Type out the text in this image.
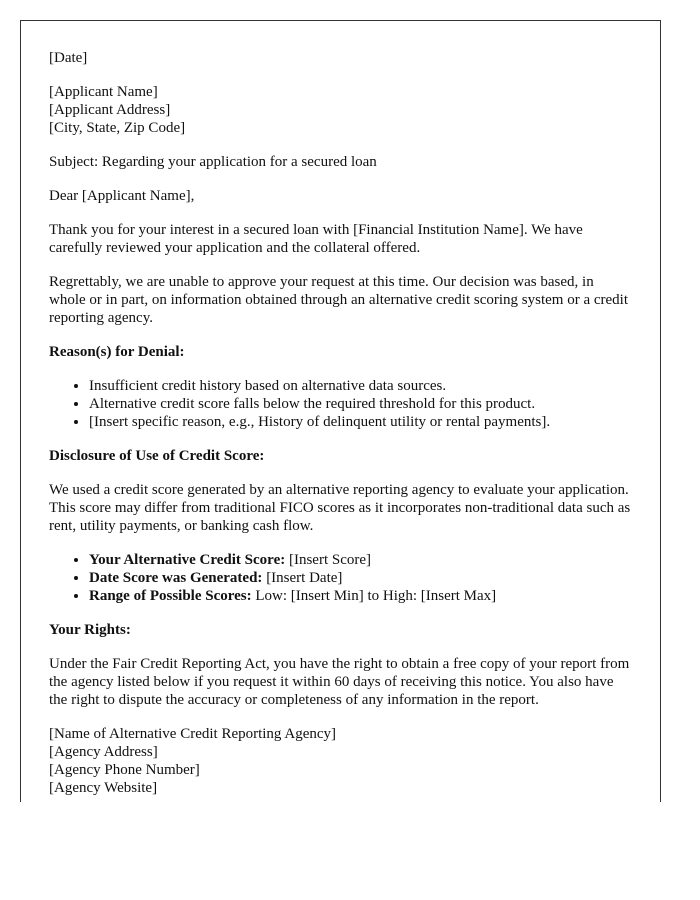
[Date]

[Applicant Name]
[Applicant Address]
[City, State, Zip Code]

Subject: Regarding your application for a secured loan

Dear [Applicant Name],

Thank you for your interest in a secured loan with [Financial Institution Name]. We have carefully reviewed your application and the collateral offered.

Regrettably, we are unable to approve your request at this time. Our decision was based, in whole or in part, on information obtained through an alternative credit scoring system or a credit reporting agency.

Reason(s) for Denial:

• Insufficient credit history based on alternative data sources.
• Alternative credit score falls below the required threshold for this product.
• [Insert specific reason, e.g., History of delinquent utility or rental payments].

Disclosure of Use of Credit Score:

We used a credit score generated by an alternative reporting agency to evaluate your application. This score may differ from traditional FICO scores as it incorporates non-traditional data such as rent, utility payments, or banking cash flow.

• Your Alternative Credit Score: [Insert Score]
• Date Score was Generated: [Insert Date]
• Range of Possible Scores: Low: [Insert Min] to High: [Insert Max]

Your Rights:

Under the Fair Credit Reporting Act, you have the right to obtain a free copy of your report from the agency listed below if you request it within 60 days of receiving this notice. You also have the right to dispute the accuracy or completeness of any information in the report.

[Name of Alternative Credit Reporting Agency]
[Agency Address]
[Agency Phone Number]
[Agency Website]
